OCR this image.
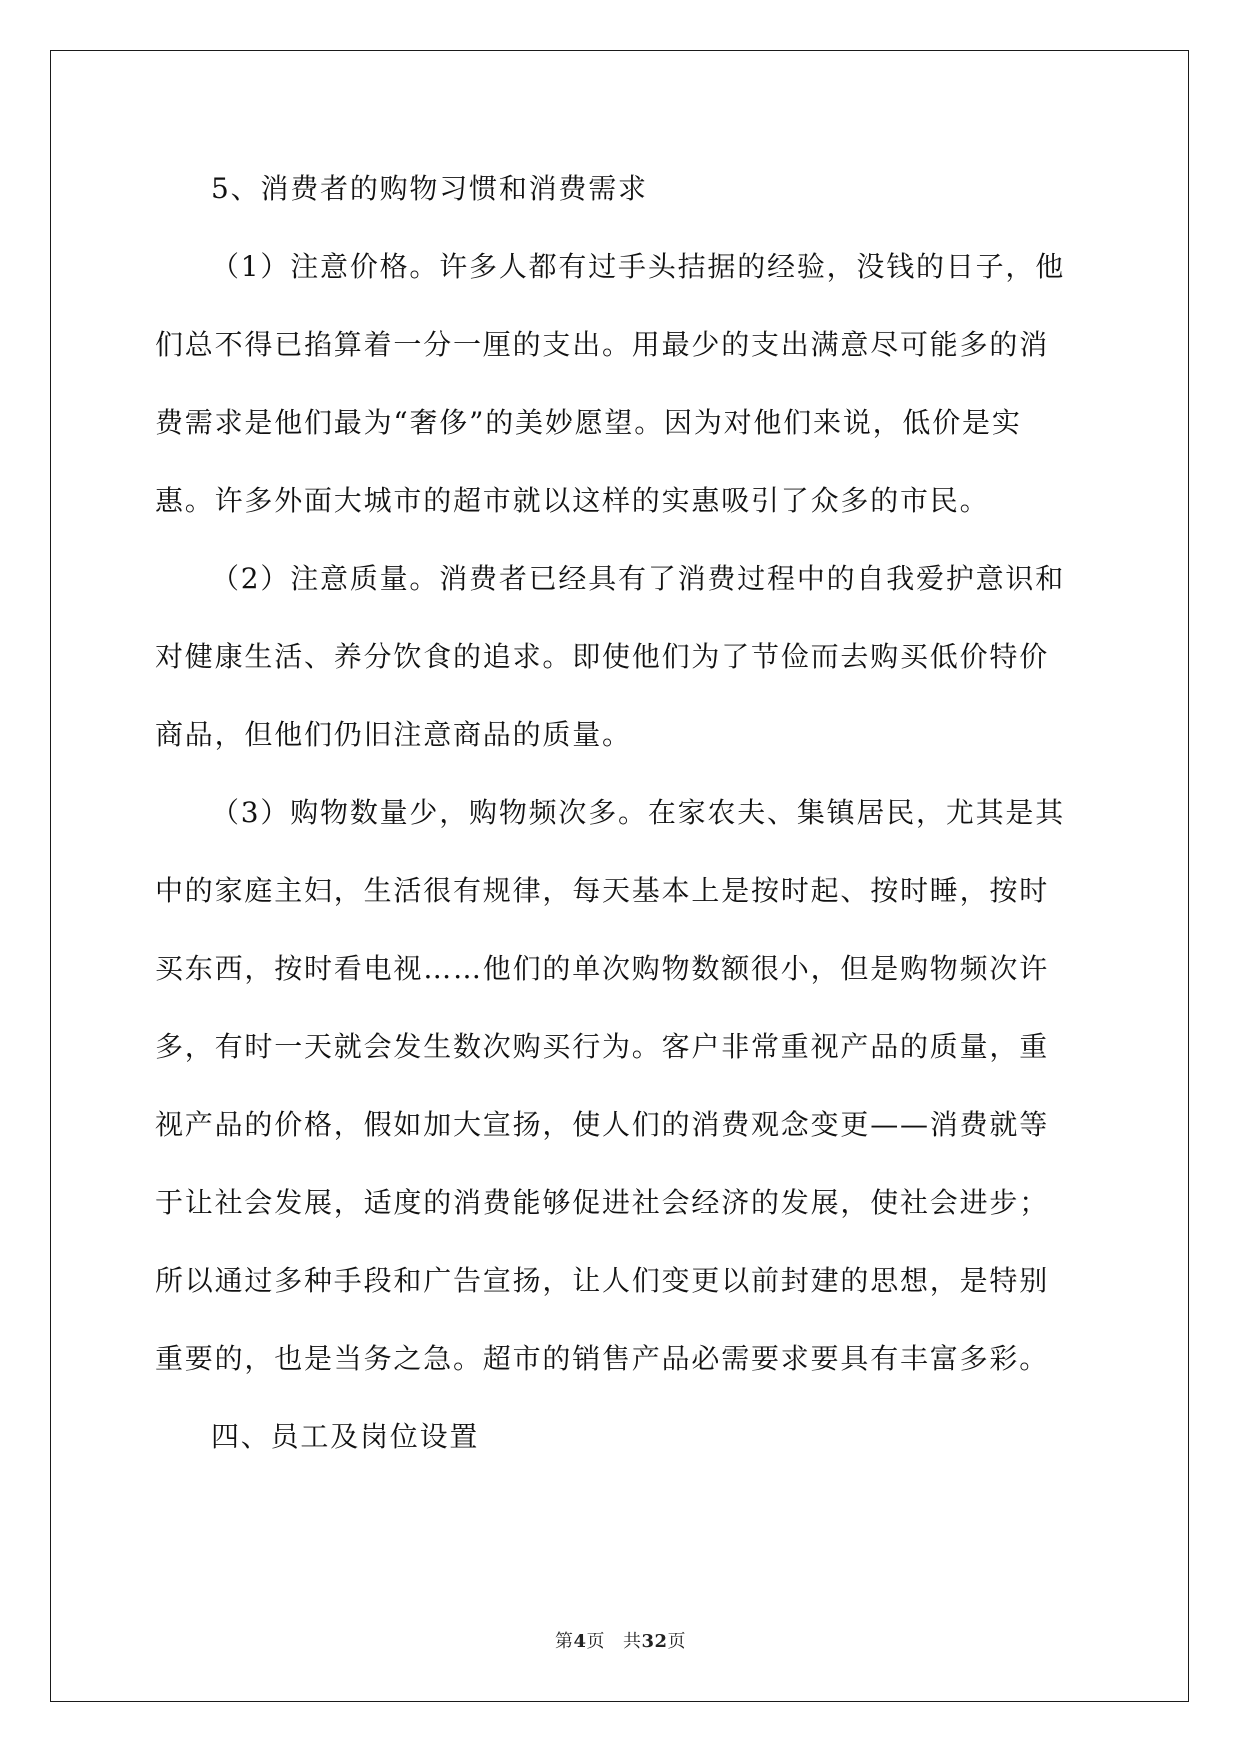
5、消费者的购物习惯和消费需求
（1）注意价格。许多人都有过手头拮据的经验，没钱的日子，他
们总不得已掐算着一分一厘的支出。用最少的支出满意尽可能多的消
费需求是他们最为“奢侈”的美妙愿望。因为对他们来说，低价是实
惠。许多外面大城市的超市就以这样的实惠吸引了众多的市民。
（2）注意质量。消费者已经具有了消费过程中的自我爱护意识和
对健康生活、养分饮食的追求。即使他们为了节俭而去购买低价特价
商品，但他们仍旧注意商品的质量。
（3）购物数量少，购物频次多。在家农夫、集镇居民，尤其是其
中的家庭主妇，生活很有规律，每天基本上是按时起、按时睡，按时
买东西，按时看电视……他们的单次购物数额很小，但是购物频次许
多，有时一天就会发生数次购买行为。客户非常重视产品的质量，重
视产品的价格，假如加大宣扬，使人们的消费观念变更——消费就等
于让社会发展，适度的消费能够促进社会经济的发展，使社会进步；
所以通过多种手段和广告宣扬，让人们变更以前封建的思想，是特别
重要的，也是当务之急。超市的销售产品必需要求要具有丰富多彩。
四、员工及岗位设置
第4页 共32页
